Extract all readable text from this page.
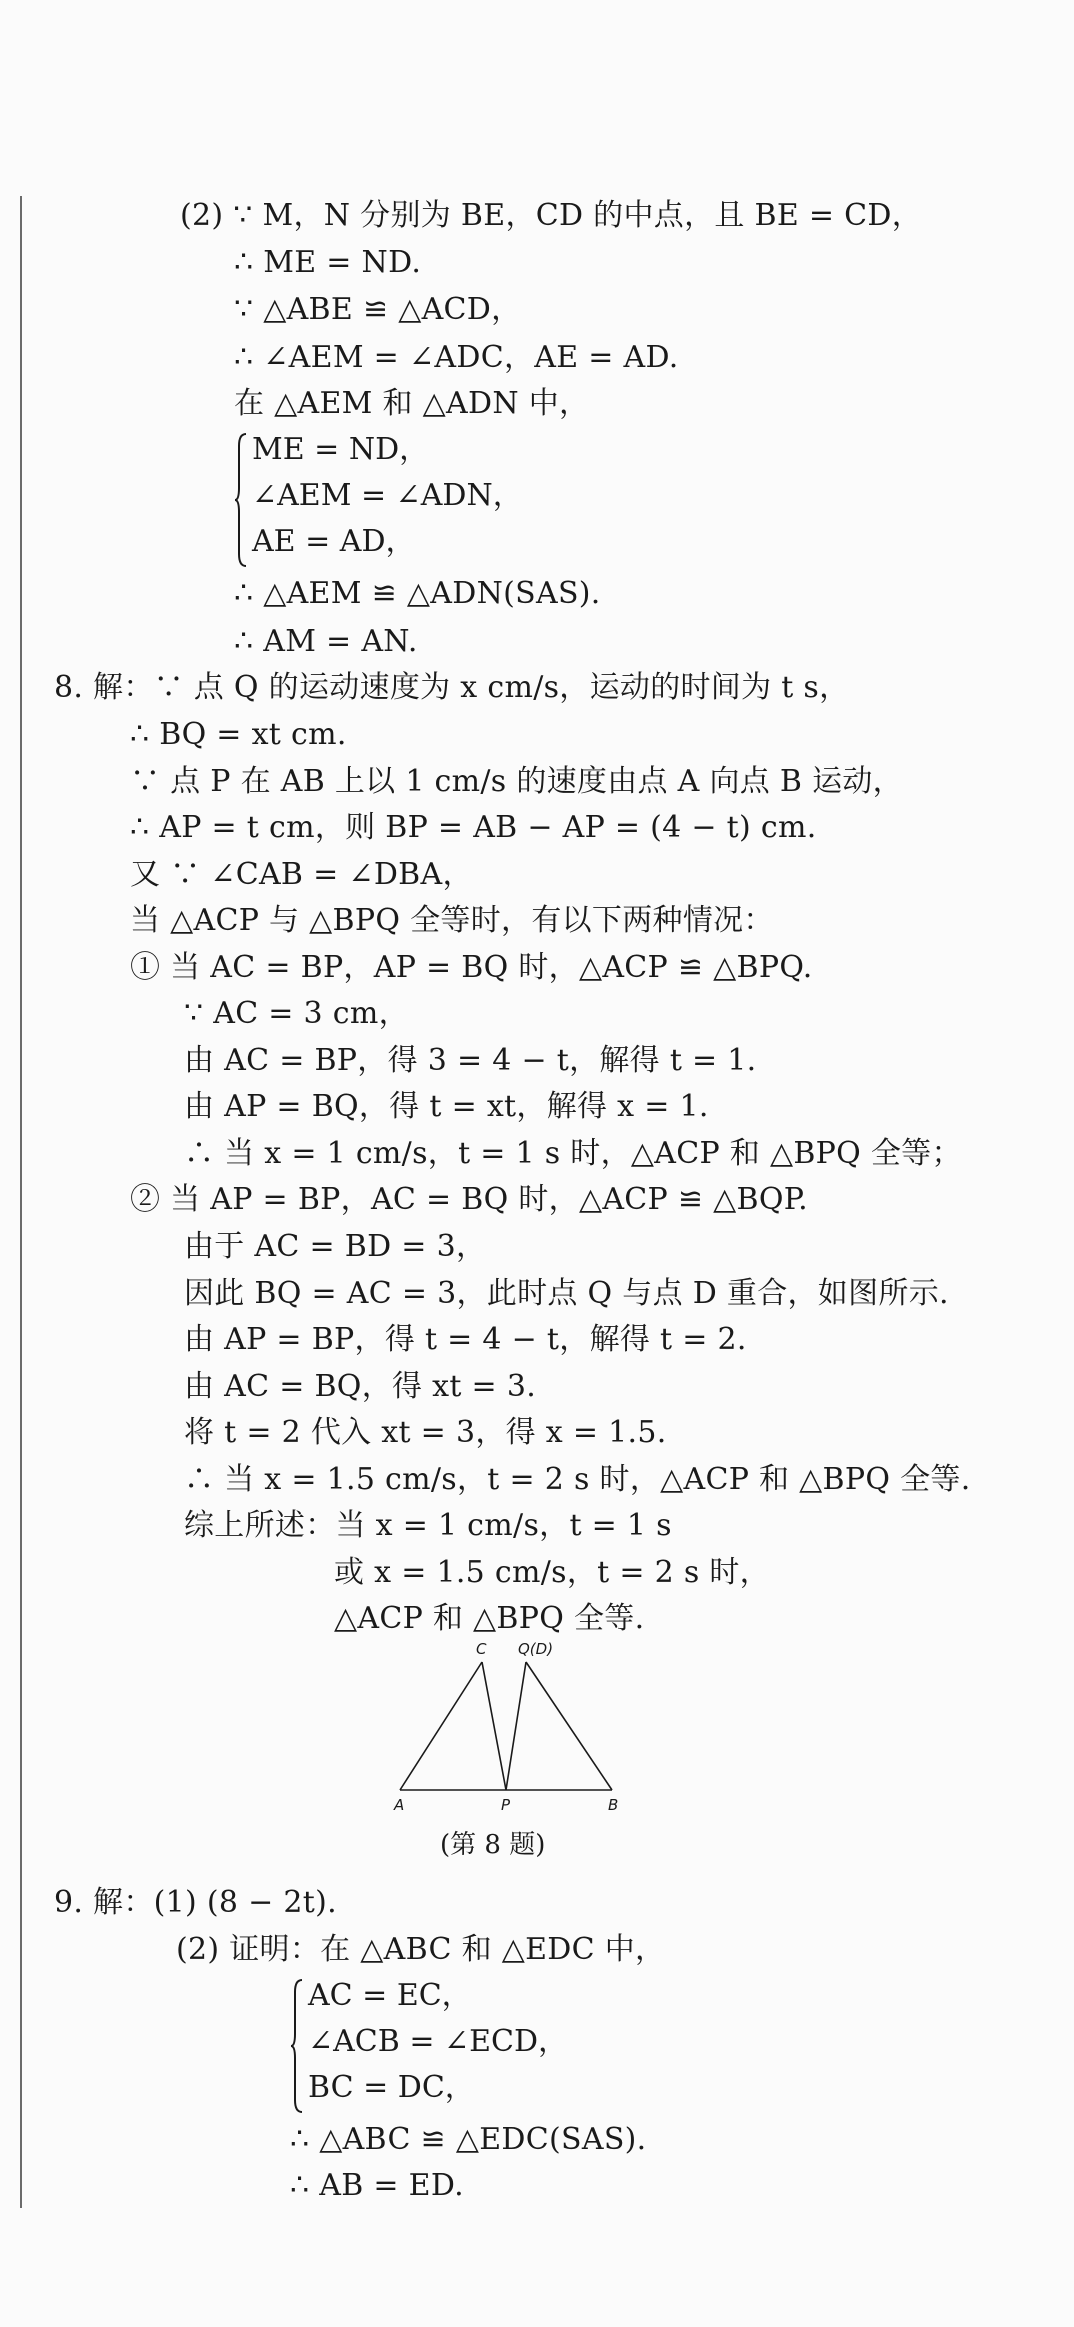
(2) ∵ M，N 分别为 BE，CD 的中点，且 BE = CD，
∴ ME = ND.
∵ △ABE ≌ △ACD，
∴ ∠AEM = ∠ADC，AE = AD.
在 △AEM 和 △ADN 中，
ME = ND，
∠AEM = ∠ADN，
AE = AD，
∴ △AEM ≌ △ADN(SAS).
∴ AM = AN.
8. 解：∵ 点 Q 的运动速度为 x cm/s，运动的时间为 t s，
∴ BQ = xt cm.
∵ 点 P 在 AB 上以 1 cm/s 的速度由点 A 向点 B 运动，
∴ AP = t cm，则 BP = AB − AP = (4 − t) cm.
又 ∵ ∠CAB = ∠DBA，
当 △ACP 与 △BPQ 全等时，有以下两种情况：
① 当 AC = BP，AP = BQ 时，△ACP ≌ △BPQ.
∵ AC = 3 cm，
由 AC = BP，得 3 = 4 − t，解得 t = 1.
由 AP = BQ，得 t = xt，解得 x = 1.
∴ 当 x = 1 cm/s，t = 1 s 时，△ACP 和 △BPQ 全等；
② 当 AP = BP，AC = BQ 时，△ACP ≌ △BQP.
由于 AC = BD = 3，
因此 BQ = AC = 3，此时点 Q 与点 D 重合，如图所示.
由 AP = BP，得 t = 4 − t，解得 t = 2.
由 AC = BQ，得 xt = 3.
将 t = 2 代入 xt = 3，得 x = 1.5.
∴ 当 x = 1.5 cm/s，t = 2 s 时，△ACP 和 △BPQ 全等.
综上所述：当 x = 1 cm/s，t = 1 s
或 x = 1.5 cm/s，t = 2 s 时，
△ACP 和 △BPQ 全等.
C Q(D)
A	P	B
(第 8 题)
9. 解：(1) (8 − 2t).
(2) 证明：在 △ABC 和 △EDC 中，
AC = EC，
∠ACB = ∠ECD，
BC = DC，
∴ △ABC ≌ △EDC(SAS).
∴ AB = ED.
